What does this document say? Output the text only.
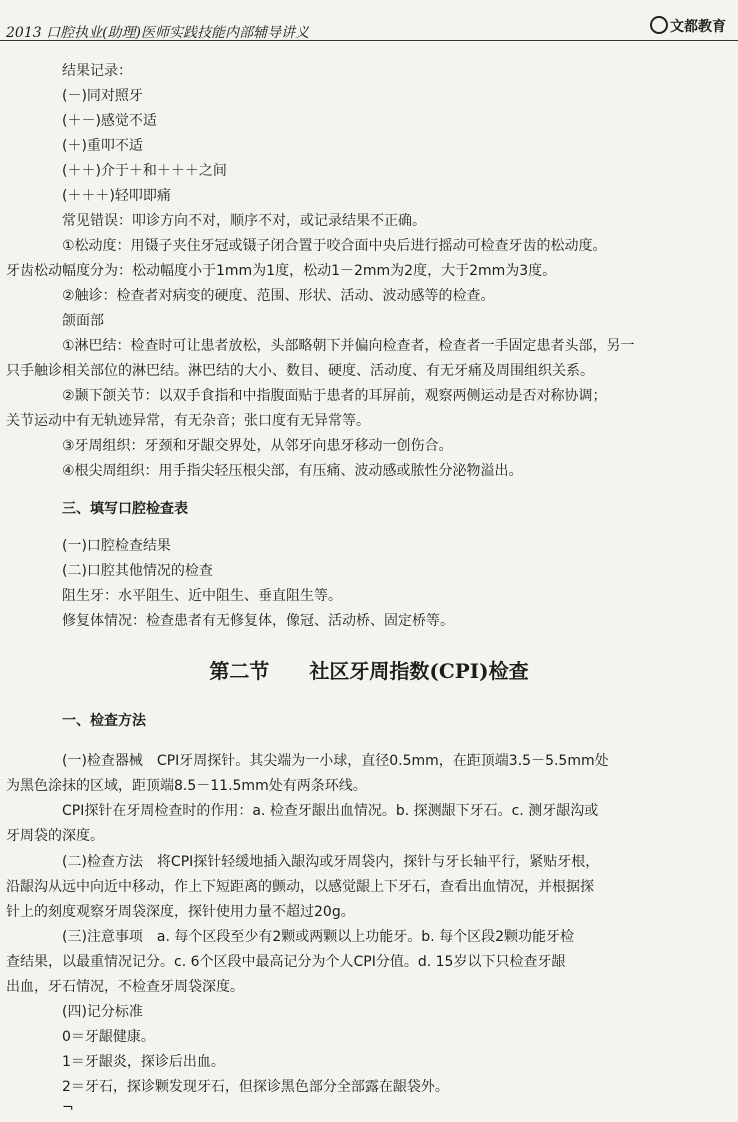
2013 口腔执业(助理)医师实践技能内部辅导讲义	文都教育
结果记录：
(－)同对照牙
(＋－)感觉不适
(＋)重叩不适
(＋＋)介于＋和＋＋＋之间
(＋＋＋)轻叩即痛
常见错误：叩诊方向不对，顺序不对，或记录结果不正确。
①松动度：用镊子夹住牙冠或镊子闭合置于咬合面中央后进行摇动可检查牙齿的松动度。
牙齿松动幅度分为：松动幅度小于1mm为1度，松动1－2mm为2度，大于2mm为3度。
②触诊：检查者对病变的硬度、范围、形状、活动、波动感等的检查。
颌面部
①淋巴结：检查时可让患者放松，头部略朝下并偏向检查者，检查者一手固定患者头部，另一
只手触诊相关部位的淋巴结。淋巴结的大小、数目、硬度、活动度、有无牙痛及周围组织关系。
②颞下颌关节：以双手食指和中指腹面贴于患者的耳屏前，观察两侧运动是否对称协调；
关节运动中有无轨迹异常，有无杂音；张口度有无异常等。
③牙周组织：牙颈和牙龈交界处，从邻牙向患牙移动一创伤合。
④根尖周组织：用手指尖轻压根尖部，有压痛、波动感或脓性分泌物溢出。
三、填写口腔检查表
(一)口腔检查结果
(二)口腔其他情况的检查
阻生牙：水平阻生、近中阻生、垂直阻生等。
修复体情况：检查患者有无修复体，像冠、活动桥、固定桥等。
第二节　　社区牙周指数(CPI)检查
一、检查方法
(一)检查器械　CPI牙周探针。其尖端为一小球，直径0.5mm，在距顶端3.5－5.5mm处
为黑色涂抹的区域，距顶端8.5－11.5mm处有两条环线。
CPI探针在牙周检查时的作用：a. 检查牙龈出血情况。b. 探测龈下牙石。c. 测牙龈沟或
牙周袋的深度。
(二)检查方法　将CPI探针轻缓地插入龈沟或牙周袋内，探针与牙长轴平行，紧贴牙根，
沿龈沟从远中向近中移动，作上下短距离的颤动，以感觉龈上下牙石，查看出血情况，并根据探
针上的刻度观察牙周袋深度，探针使用力量不超过20g。
(三)注意事项　a. 每个区段至少有2颗或两颗以上功能牙。b. 每个区段2颗功能牙检
查结果，以最重情况记分。c. 6个区段中最高记分为个人CPI分值。d. 15岁以下只检查牙龈
出血，牙石情况，不检查牙周袋深度。
(四)记分标准
0＝牙龈健康。
1＝牙龈炎，探诊后出血。
2＝牙石，探诊颗发现牙石，但探诊黑色部分全部露在龈袋外。
¬
